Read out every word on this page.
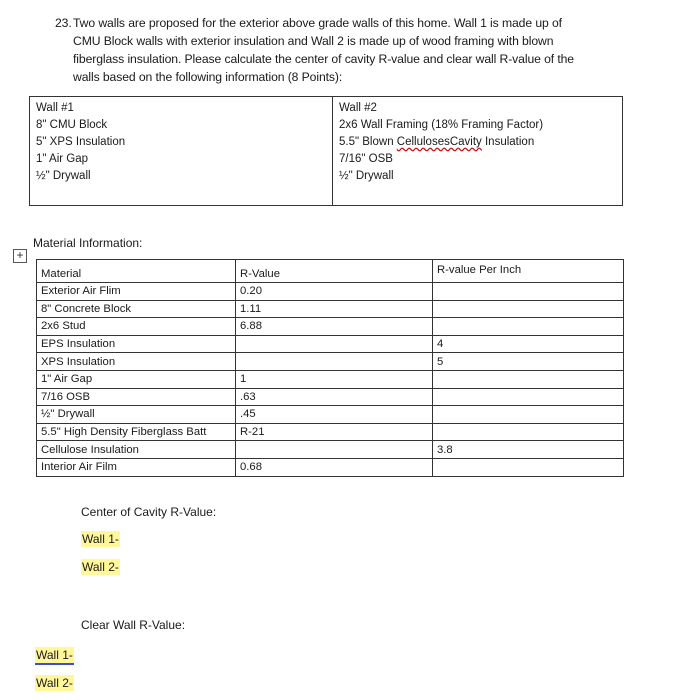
23. Two walls are proposed for the exterior above grade walls of this home. Wall 1 is made up of
CMU Block walls with exterior insulation and Wall 2 is made up of wood framing with blown
fiberglass insulation. Please calculate the center of cavity R-value and clear wall R-value of the
walls based on the following information (8 Points):
Wall #1
8" CMU Block
5" XPS Insulation
1" Air Gap
½" Drywall

Wall #2
2x6 Wall Framing (18% Framing Factor)
5.5" Blown CellulosesCavity Insulation
7/16" OSB
½" Drywall
Material Information:
+
Material	R-Value	R-value Per Inch
Exterior Air Flim	0.20	
8" Concrete Block	1.11	
2x6 Stud	6.88	
EPS Insulation		4
XPS Insulation		5
1" Air Gap	1	
7/16 OSB	.63	
½" Drywall	.45	
5.5" High Density Fiberglass Batt	R-21	
Cellulose Insulation		3.8
Interior Air Film	0.68	
Center of Cavity R-Value:
Wall 1-
Wall 2-
Clear Wall R-Value:
Wall 1-
Wall 2-
